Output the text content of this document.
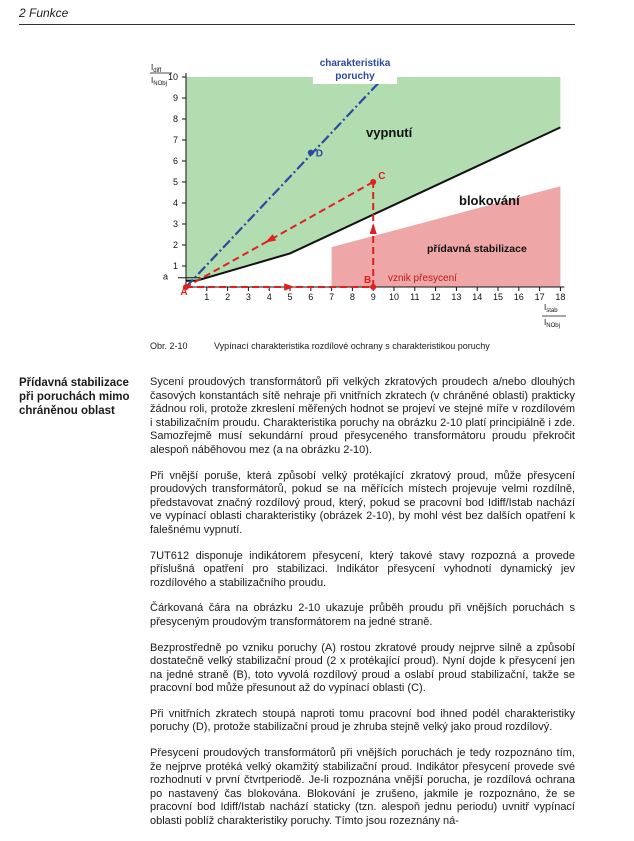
2 Funkce
1 2 3 4 5 6 7 8 9 10 11 12 13 14 15 16 17 18
1
2
3
4
5
6
7
8
9
10
a
$I_{diff}$
$I_{NObj}$
$I_{stab}$
$I_{NObj}$
A
B
C
D
vypnutí
blokování
přídavná stabilizace
vznik přesycení
charakteristika
poruchy
Obr. 2-10	Vypínací charakteristika rozdílové ochrany s charakteristikou poruchy
Přídavná stabilizace při poruchách mimo chráněnou oblast

Sycení proudových transformátorů při velkých zkratových proudech a/nebo dlouhých časových konstantách sítě nehraje při vnitřních zkratech (v chráněné oblasti) prakticky žádnou roli, protože zkreslení měřených hodnot se projeví ve stejné míře v rozdílovém i stabilizačním proudu. Charakteristika poruchy na obrázku 2-10 platí principiálně i zde. Samozřejmě musí sekundární proud přesyceného transformátoru proudu překročit alespoň náběhovou mez (a na obrázku 2-10).

Při vnější poruše, která způsobí velký protékající zkratový proud, může přesycení proudových transformátorů, pokud se na měřících místech projevuje velmi rozdílně, představovat značný rozdílový proud, který, pokud se pracovní bod Idiff/Istab nachází ve vypínací oblasti charakteristiky (obrázek 2-10), by mohl vést bez dalších opatření k falešnému vypnutí.

7UT612 disponuje indikátorem přesycení, který takové stavy rozpozná a provede příslušná opatření pro stabilizaci. Indikátor přesycení vyhodnotí dynamický jev rozdílového a stabilizačního proudu.

Čárkovaná čára na obrázku 2-10 ukazuje průběh proudu při vnějších poruchách s přesyceným proudovým transformátorem na jedné straně.

Bezprostředně po vzniku poruchy (A) rostou zkratové proudy nejprve silně a způsobí dostatečně velký stabilizační proud (2 x protékající proud). Nyní dojde k přesycení jen na jedné straně (B), toto vyvolá rozdílový proud a oslabí proud stabilizační, takže se pracovní bod může přesunout až do vypínací oblasti (C).

Při vnitřních zkratech stoupá naproti tomu pracovní bod ihned podél charakteristiky poruchy (D), protože stabilizační proud je zhruba stejně velký jako proud rozdílový.

Přesycení proudových transformátorů při vnějších poruchách je tedy rozpoznáno tím, že nejprve protéká velký okamžitý stabilizační proud. Indikátor přesycení provede své rozhodnutí v první čtvrtperiodě. Je-li rozpoznána vnější porucha, je rozdílová ochrana po nastavený čas blokována. Blokování je zrušeno, jakmile je rozpoznáno, že se pracovní bod Idiff/Istab nachází staticky (tzn. alespoň jednu periodu) uvnitř vypínací oblasti poblíž charakteristiky poruchy. Tímto jsou rozeznány ná-
